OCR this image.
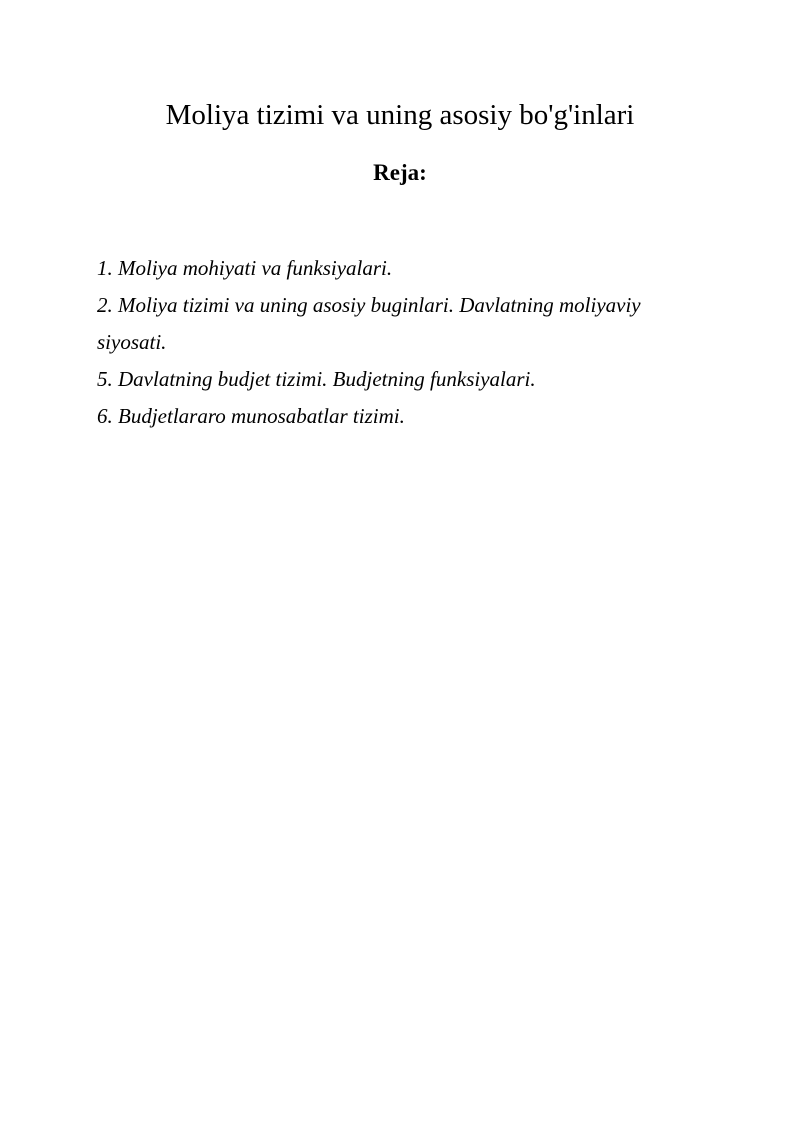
Moliya tizimi va uning asosiy bo'g'inlari
Reja:
1. Moliya mohiyati va funksiyalari.
2. Moliya tizimi va uning asosiy buginlari. Davlatning moliyaviy siyosati.
5. Davlatning budjet tizimi. Budjetning funksiyalari.
6. Budjetlararo munosabatlar tizimi.
